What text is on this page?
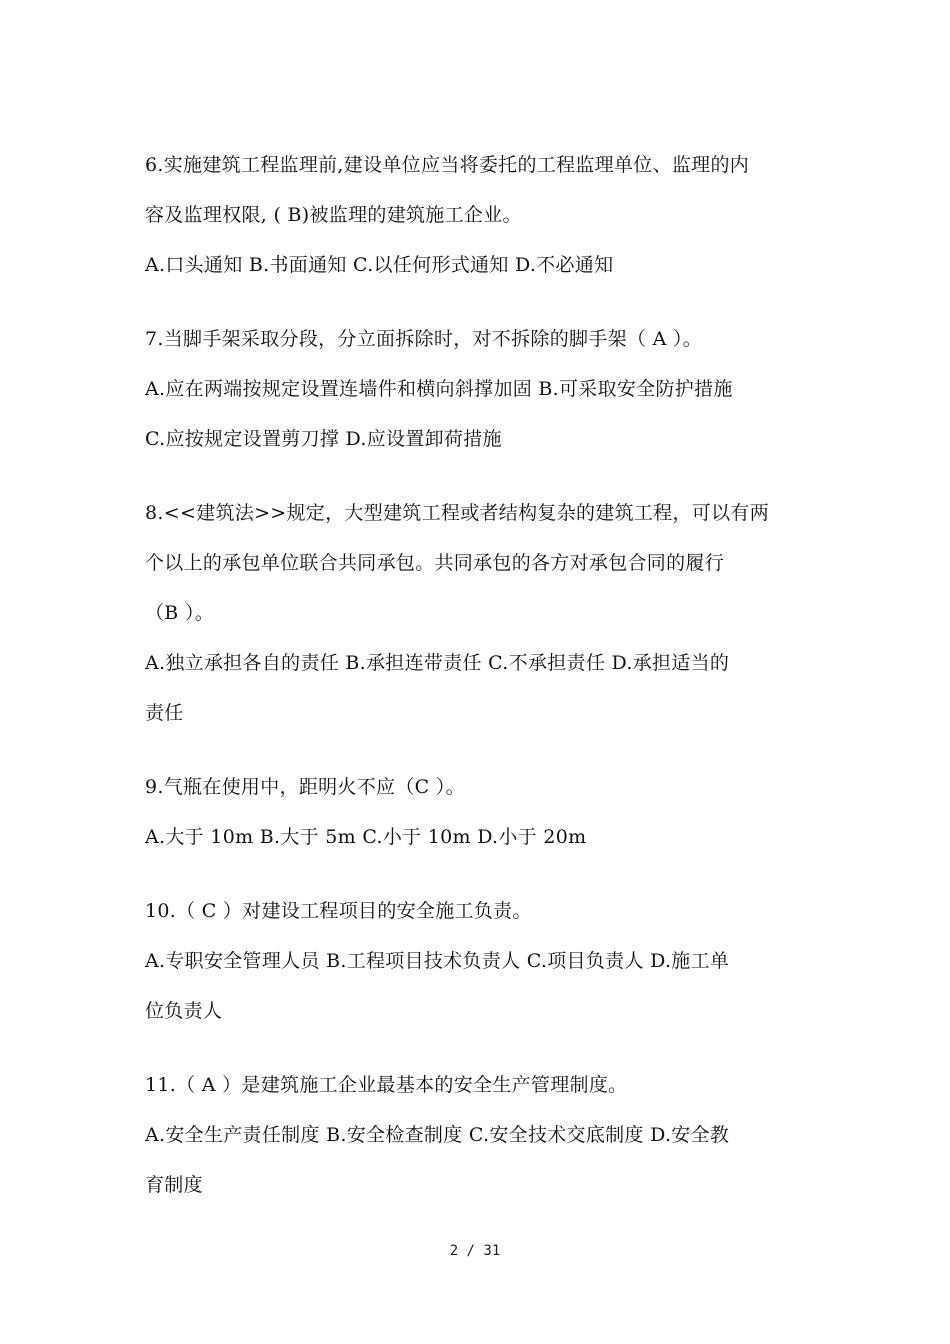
6.实施建筑工程监理前,建设单位应当将委托的工程监理单位、监理的内
容及监理权限, ( B)被监理的建筑施工企业。
A.口头通知 B.书面通知 C.以任何形式通知 D.不必通知
7.当脚手架采取分段，分立面拆除时，对不拆除的脚手架（ A ）。
A.应在两端按规定设置连墙件和横向斜撑加固 B.可采取安全防护措施
C.应按规定设置剪刀撑 D.应设置卸荷措施
8.<<建筑法>>规定，大型建筑工程或者结构复杂的建筑工程，可以有两
个以上的承包单位联合共同承包。共同承包的各方对承包合同的履行
（B ）。
A.独立承担各自的责任 B.承担连带责任 C.不承担责任 D.承担适当的
责任
9.气瓶在使用中，距明火不应（C ）。
A.大于 10m B.大于 5m C.小于 10m D.小于 20m
10.（ C ）对建设工程项目的安全施工负责。
A.专职安全管理人员 B.工程项目技术负责人 C.项目负责人 D.施工单
位负责人
11.（ A ）是建筑施工企业最基本的安全生产管理制度。
A.安全生产责任制度 B.安全检查制度 C.安全技术交底制度 D.安全教
育制度
2 / 31
